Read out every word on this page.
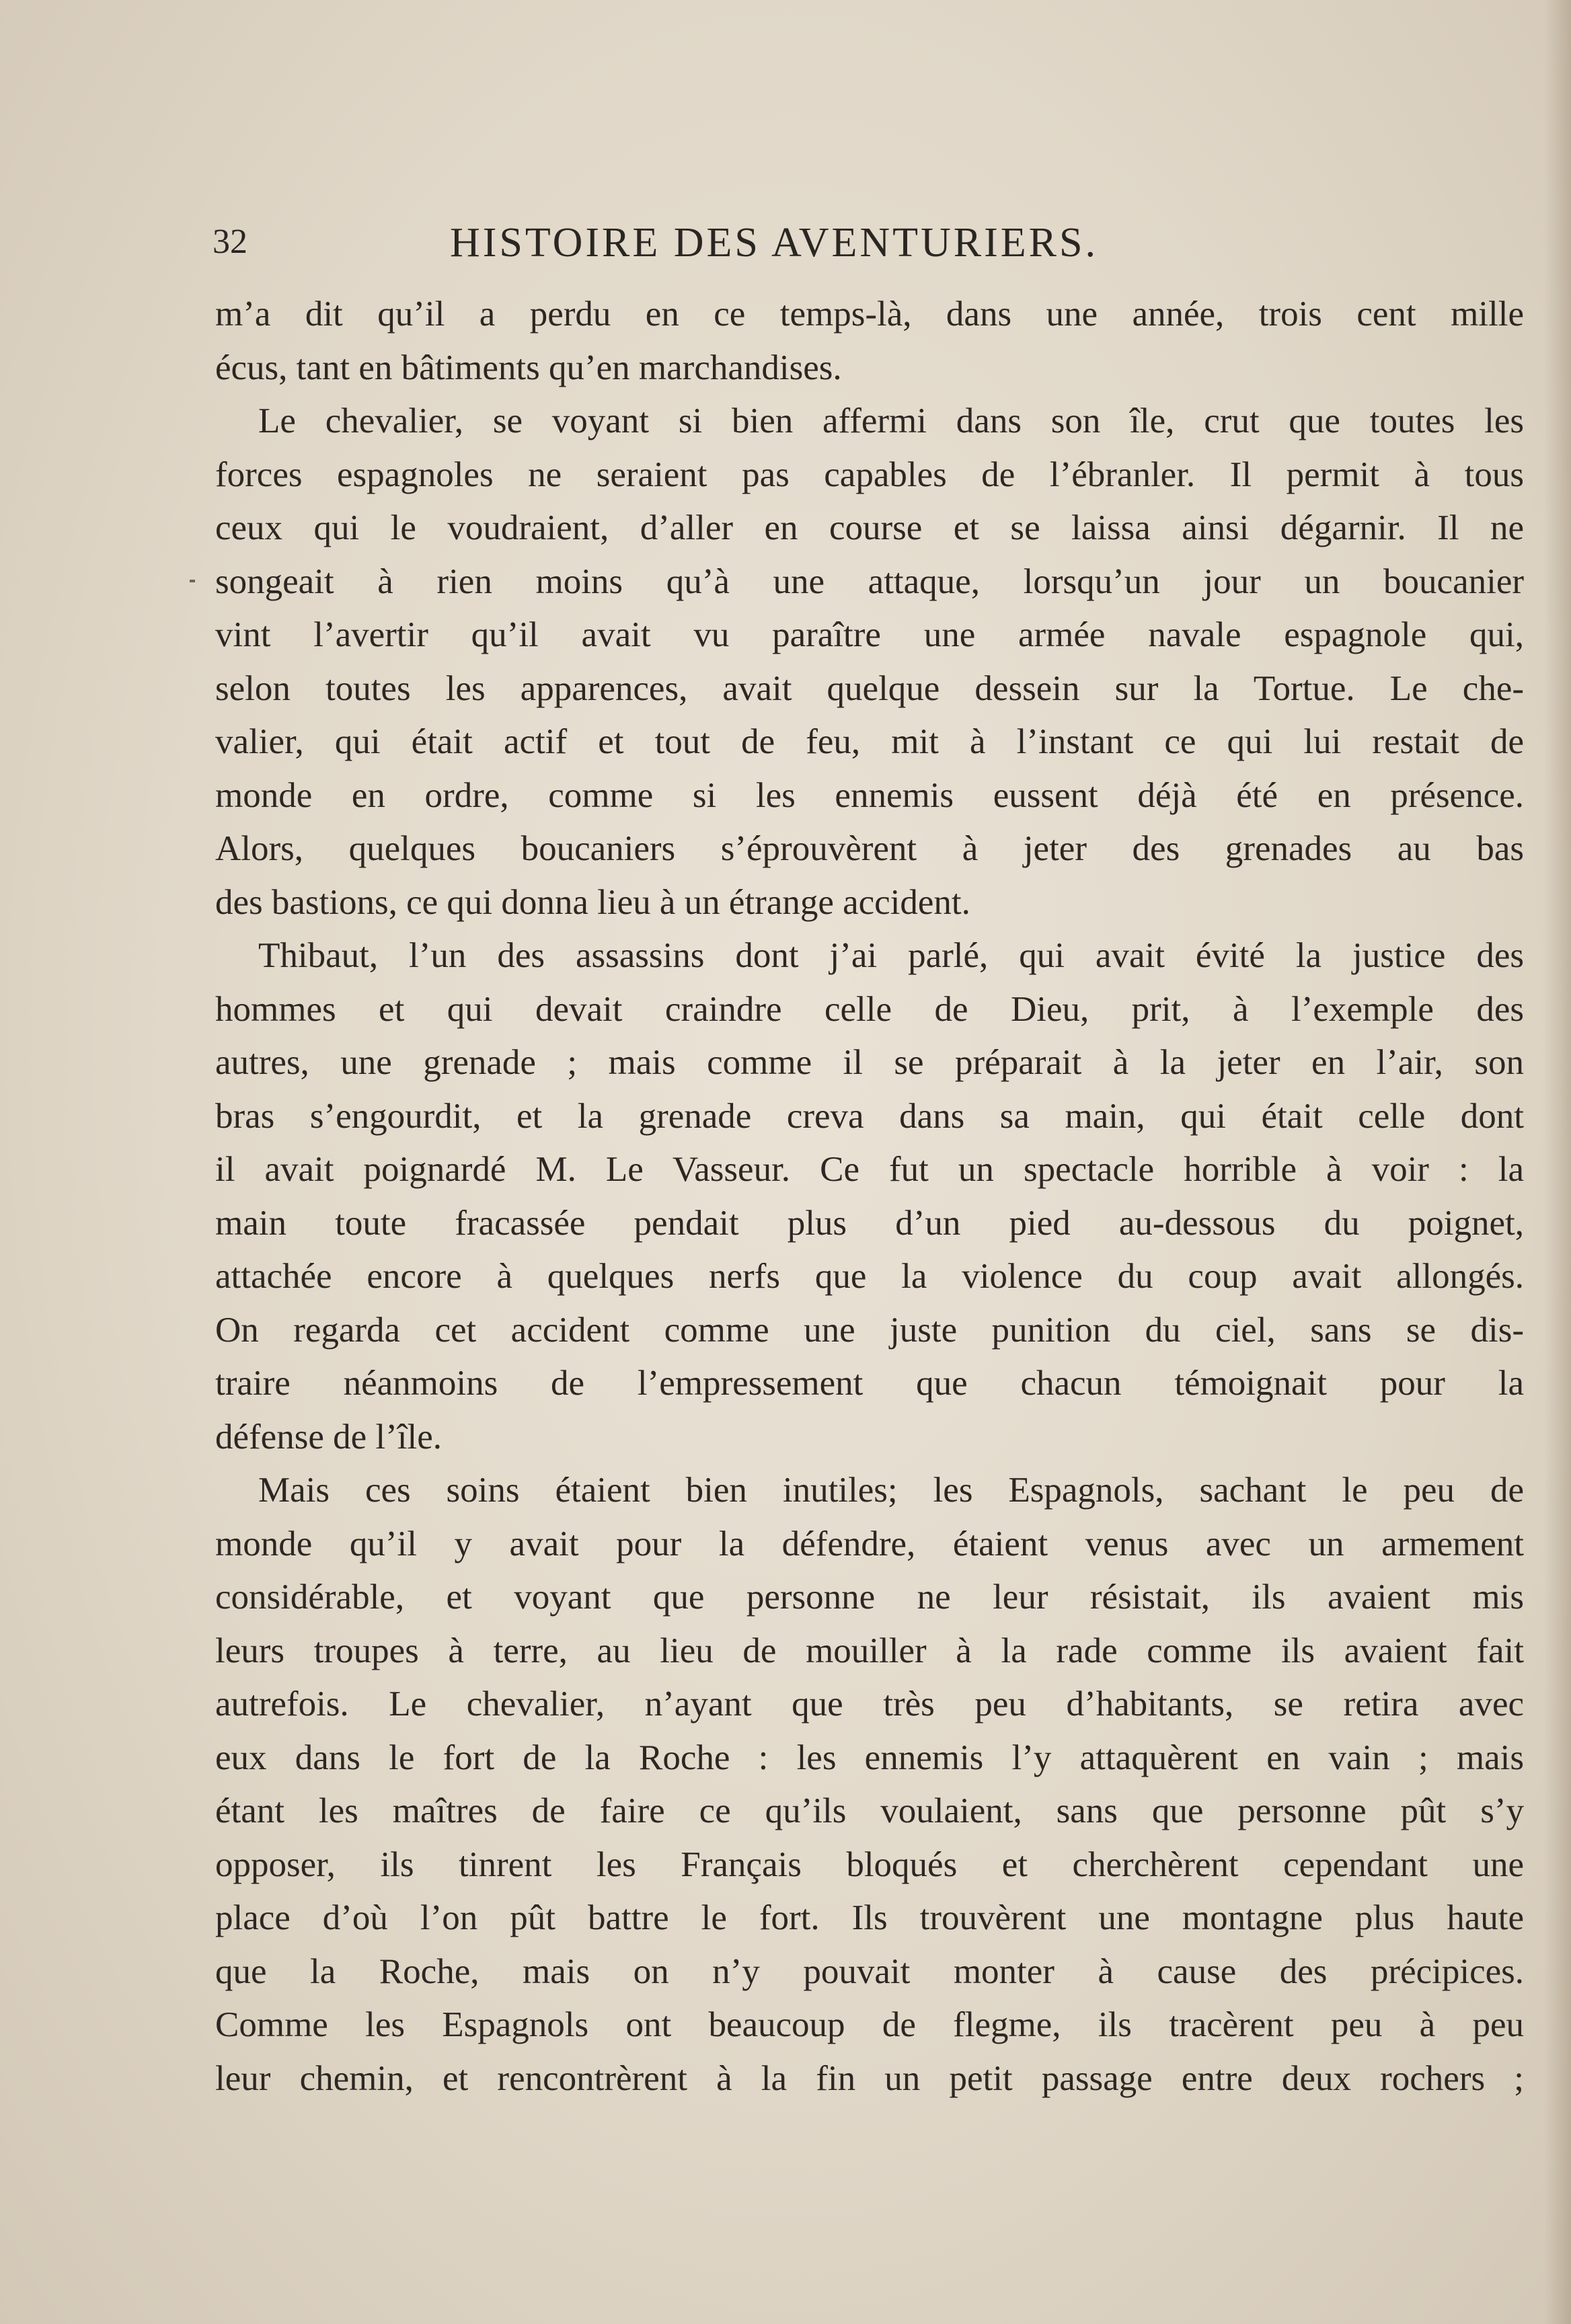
32	HISTOIRE DES AVENTURIERS.
m’a dit qu’il a perdu en ce temps-là, dans une année, trois cent mille
écus, tant en bâtiments qu’en marchandises.
Le chevalier, se voyant si bien affermi dans son île, crut que toutes les
forces espagnoles ne seraient pas capables de l’ébranler. Il permit à tous
ceux qui le voudraient, d’aller en course et se laissa ainsi dégarnir. Il ne
songeait à rien moins qu’à une attaque, lorsqu’un jour un boucanier
vint l’avertir qu’il avait vu paraître une armée navale espagnole qui,
selon toutes les apparences, avait quelque dessein sur la Tortue. Le che-
valier, qui était actif et tout de feu, mit à l’instant ce qui lui restait de
monde en ordre, comme si les ennemis eussent déjà été en présence.
Alors, quelques boucaniers s’éprouvèrent à jeter des grenades au bas
des bastions, ce qui donna lieu à un étrange accident.
Thibaut, l’un des assassins dont j’ai parlé, qui avait évité la justice des
hommes et qui devait craindre celle de Dieu, prit, à l’exemple des
autres, une grenade ; mais comme il se préparait à la jeter en l’air, son
bras s’engourdit, et la grenade creva dans sa main, qui était celle dont
il avait poignardé M. Le Vasseur. Ce fut un spectacle horrible à voir : la
main toute fracassée pendait plus d’un pied au-dessous du poignet,
attachée encore à quelques nerfs que la violence du coup avait allongés.
On regarda cet accident comme une juste punition du ciel, sans se dis-
traire néanmoins de l’empressement que chacun témoignait pour la
défense de l’île.
Mais ces soins étaient bien inutiles; les Espagnols, sachant le peu de
monde qu’il y avait pour la défendre, étaient venus avec un armement
considérable, et voyant que personne ne leur résistait, ils avaient mis
leurs troupes à terre, au lieu de mouiller à la rade comme ils avaient fait
autrefois. Le chevalier, n’ayant que très peu d’habitants, se retira avec
eux dans le fort de la Roche : les ennemis l’y attaquèrent en vain ; mais
étant les maîtres de faire ce qu’ils voulaient, sans que personne pût s’y
opposer, ils tinrent les Français bloqués et cherchèrent cependant une
place d’où l’on pût battre le fort. Ils trouvèrent une montagne plus haute
que la Roche, mais on n’y pouvait monter à cause des précipices.
Comme les Espagnols ont beaucoup de flegme, ils tracèrent peu à peu
leur chemin, et rencontrèrent à la fin un petit passage entre deux rochers ;
